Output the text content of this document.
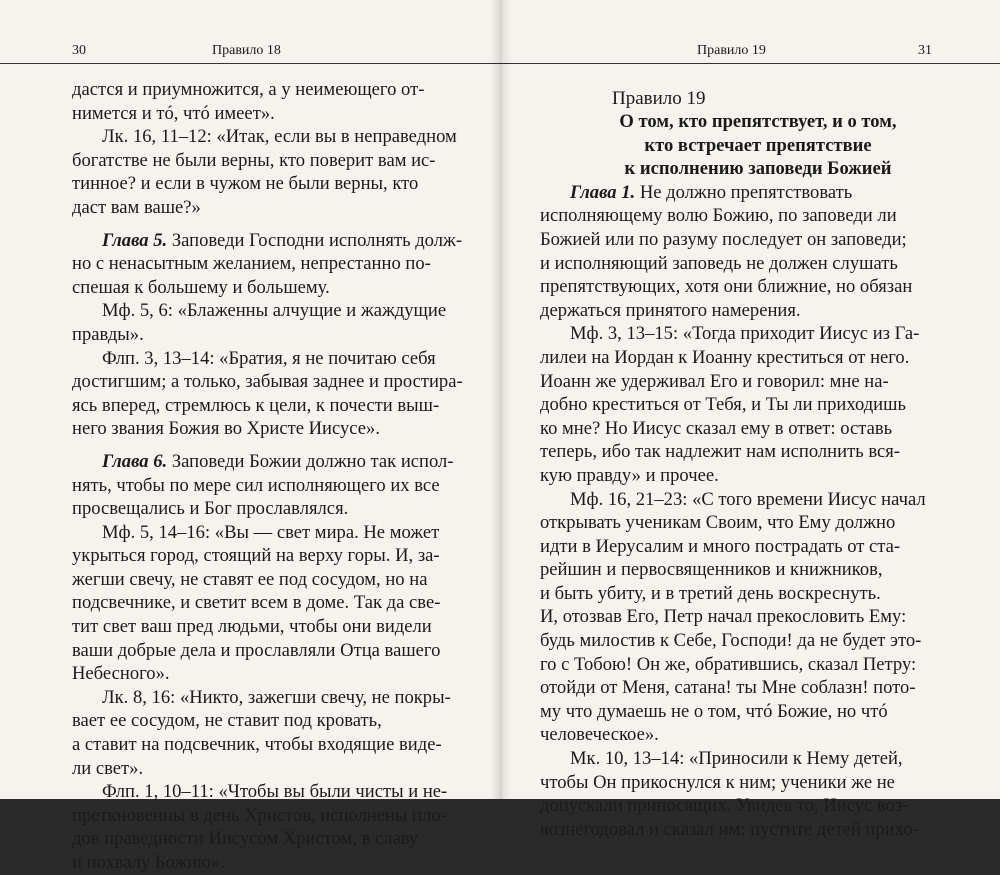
30	Правило 18	Правило 19	31
дастся и приумножится, а у неимеющего от-
нимется и тó, чтó имеет».
Лк. 16, 11–12: «Итак, если вы в неправедном
богатстве не были верны, кто поверит вам ис-
тинное? и если в чужом не были верны, кто
даст вам ваше?»
Глава 5. Заповеди Господни исполнять долж-
но с ненасытным желанием, непрестанно по-
спешая к большему и большему.
Мф. 5, 6: «Блаженны алчущие и жаждущие
правды».
Флп. 3, 13–14: «Братия, я не почитаю себя
достигшим; а только, забывая заднее и простира-
ясь вперед, стремлюсь к цели, к почести выш-
него звания Божия во Христе Иисусе».
Глава 6. Заповеди Божии должно так испол-
нять, чтобы по мере сил исполняющего их все
просвещались и Бог прославлялся.
Мф. 5, 14–16: «Вы — свет мира. Не может
укрыться город, стоящий на верху горы. И, за-
жегши свечу, не ставят ее под сосудом, но на
подсвечнике, и светит всем в доме. Так да све-
тит свет ваш пред людьми, чтобы они видели
ваши добрые дела и прославляли Отца вашего
Небесного».
Лк. 8, 16: «Никто, зажегши свечу, не покры-
вает ее сосудом, не ставит под кровать,
а ставит на подсвечник, чтобы входящие виде-
ли свет».
Флп. 1, 10–11: «Чтобы вы были чисты и не-
преткновенны в день Христов, исполнены пло-
дов праведности Иисусом Христом, в славу
и похвалу Божию».
Правило 19
О том, кто препятствует, и о том,
кто встречает препятствие
к исполнению заповеди Божией
Глава 1. Не должно препятствовать
исполняющему волю Божию, по заповеди ли
Божией или по разуму последует он заповеди;
и исполняющий заповедь не должен слушать
препятствующих, хотя они ближние, но обязан
держаться принятого намерения.
Мф. 3, 13–15: «Тогда приходит Иисус из Га-
лилеи на Иордан к Иоанну креститься от него.
Иоанн же удерживал Его и говорил: мне на-
добно креститься от Тебя, и Ты ли приходишь
ко мне? Но Иисус сказал ему в ответ: оставь
теперь, ибо так надлежит нам исполнить вся-
кую правду» и прочее.
Мф. 16, 21–23: «С того времени Иисус начал
открывать ученикам Своим, что Ему должно
идти в Иерусалим и много пострадать от ста-
рейшин и первосвященников и книжников,
и быть убиту, и в третий день воскреснуть.
И, отозвав Его, Петр начал прекословить Ему:
будь милостив к Себе, Господи! да не будет это-
го с Тобою! Он же, обратившись, сказал Петру:
отойди от Меня, сатана! ты Мне соблазн! пото-
му что думаешь не о том, чтó Божие, но чтó
человеческое».
Мк. 10, 13–14: «Приносили к Нему детей,
чтобы Он прикоснулся к ним; ученики же не
допускали приносящих. Увидев то, Иисус воз-
вознегодовал и сказал им: пустите детей прихо-
